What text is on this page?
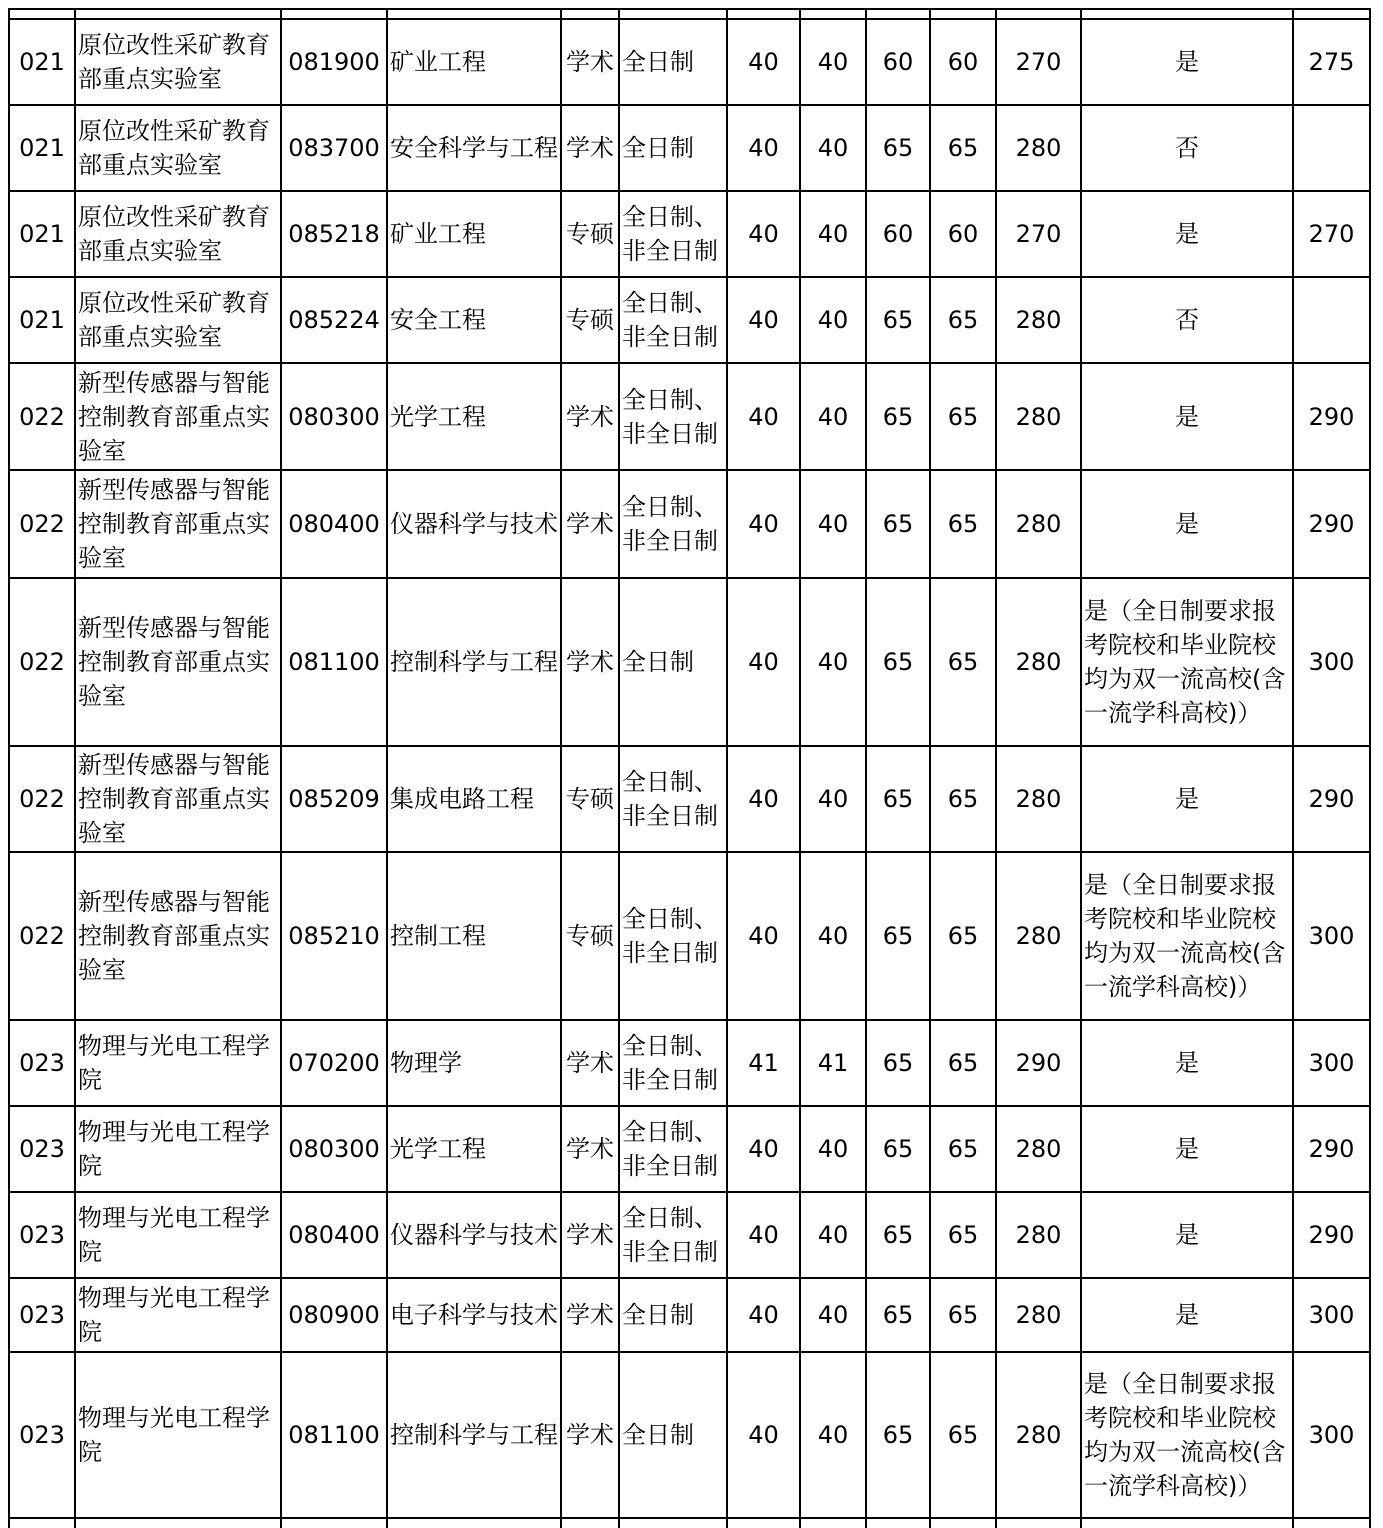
021	原位改性采矿教育部重点实验室	081900	矿业工程	学术	全日制	40	40	60	60	270	是	275
021	原位改性采矿教育部重点实验室	083700	安全科学与工程	学术	全日制	40	40	65	65	280	否	
021	原位改性采矿教育部重点实验室	085218	矿业工程	专硕	全日制、非全日制	40	40	60	60	270	是	270
021	原位改性采矿教育部重点实验室	085224	安全工程	专硕	全日制、非全日制	40	40	65	65	280	否	
022	新型传感器与智能控制教育部重点实验室	080300	光学工程	学术	全日制、非全日制	40	40	65	65	280	是	290
022	新型传感器与智能控制教育部重点实验室	080400	仪器科学与技术	学术	全日制、非全日制	40	40	65	65	280	是	290
022	新型传感器与智能控制教育部重点实验室	081100	控制科学与工程	学术	全日制	40	40	65	65	280	是（全日制要求报考院校和毕业院校均为双一流高校(含一流学科高校)）	300
022	新型传感器与智能控制教育部重点实验室	085209	集成电路工程	专硕	全日制、非全日制	40	40	65	65	280	是	290
022	新型传感器与智能控制教育部重点实验室	085210	控制工程	专硕	全日制、非全日制	40	40	65	65	280	是（全日制要求报考院校和毕业院校均为双一流高校(含一流学科高校)）	300
023	物理与光电工程学院	070200	物理学	学术	全日制、非全日制	41	41	65	65	290	是	300
023	物理与光电工程学院	080300	光学工程	学术	全日制、非全日制	40	40	65	65	280	是	290
023	物理与光电工程学院	080400	仪器科学与技术	学术	全日制、非全日制	40	40	65	65	280	是	290
023	物理与光电工程学院	080900	电子科学与技术	学术	全日制	40	40	65	65	280	是	300
023	物理与光电工程学院	081100	控制科学与工程	学术	全日制	40	40	65	65	280	是（全日制要求报考院校和毕业院校均为双一流高校(含一流学科高校)）	300
